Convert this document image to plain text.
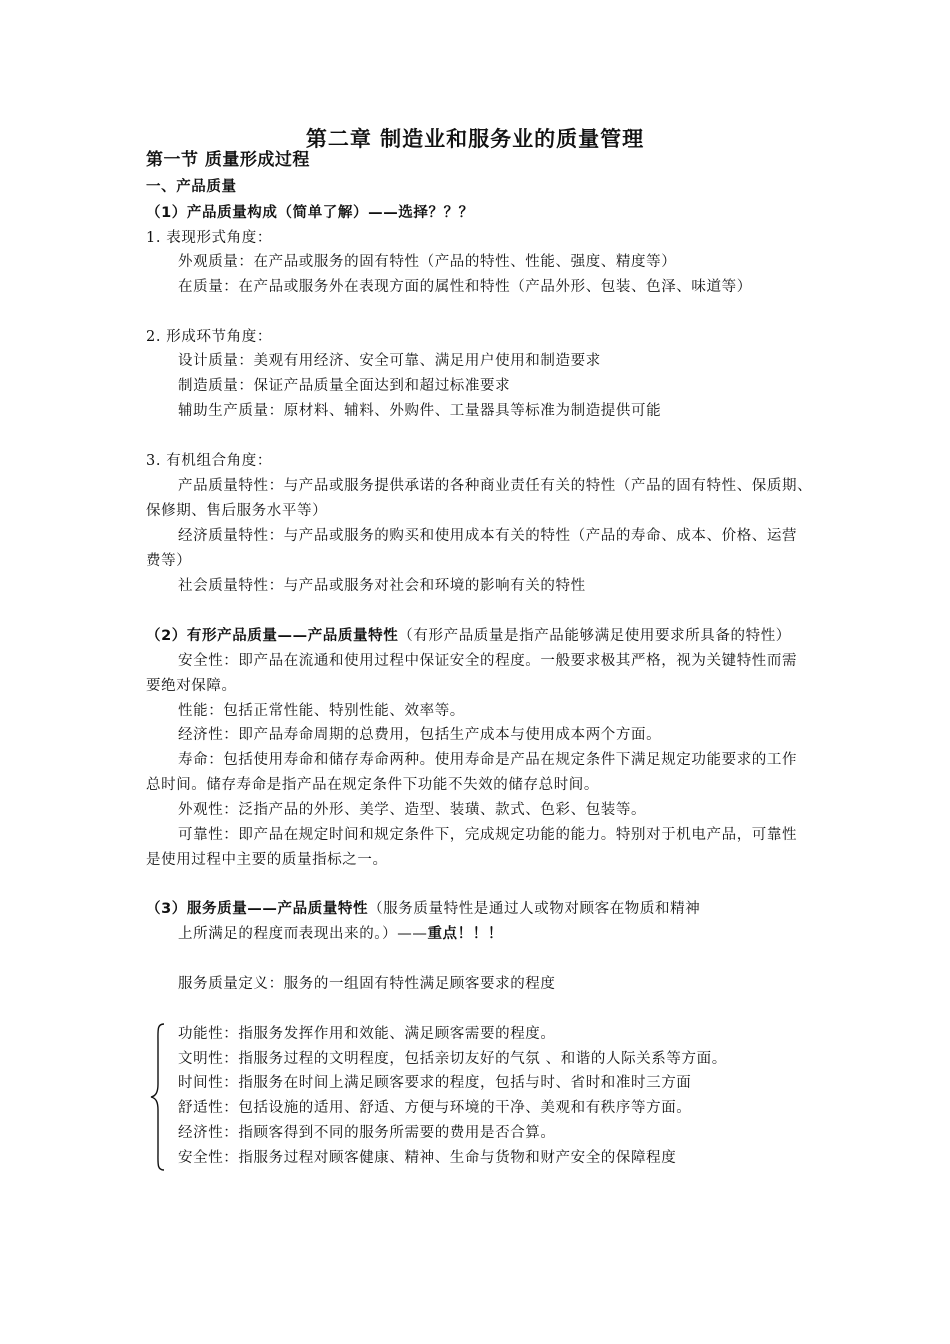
第二章 制造业和服务业的质量管理
第一节 质量形成过程
一、产品质量
（1）产品质量构成（简单了解）——选择？？？
1. 表现形式角度：
外观质量：在产品或服务的固有特性（产品的特性、性能、强度、精度等）
在质量：在产品或服务外在表现方面的属性和特性（产品外形、包装、色泽、味道等）
2. 形成环节角度：
设计质量：美观有用经济、安全可靠、满足用户使用和制造要求
制造质量：保证产品质量全面达到和超过标准要求
辅助生产质量：原材料、辅料、外购件、工量器具等标准为制造提供可能
3. 有机组合角度：
产品质量特性：与产品或服务提供承诺的各种商业责任有关的特性（产品的固有特性、保质期、
保修期、售后服务水平等）
经济质量特性：与产品或服务的购买和使用成本有关的特性（产品的寿命、成本、价格、运营
费等）
社会质量特性：与产品或服务对社会和环境的影响有关的特性
（2）有形产品质量——产品质量特性（有形产品质量是指产品能够满足使用要求所具备的特性）
安全性：即产品在流通和使用过程中保证安全的程度。一般要求极其严格，视为关键特性而需
要绝对保障。
性能：包括正常性能、特别性能、效率等。
经济性：即产品寿命周期的总费用，包括生产成本与使用成本两个方面。
寿命：包括使用寿命和储存寿命两种。使用寿命是产品在规定条件下满足规定功能要求的工作
总时间。储存寿命是指产品在规定条件下功能不失效的储存总时间。
外观性：泛指产品的外形、美学、造型、装璜、款式、色彩、包装等。
可靠性：即产品在规定时间和规定条件下，完成规定功能的能力。特别对于机电产品，可靠性
是使用过程中主要的质量指标之一。
（3）服务质量——产品质量特性（服务质量特性是通过人或物对顾客在物质和精神
上所满足的程度而表现出来的。）——重点！！！
服务质量定义：服务的一组固有特性满足顾客要求的程度
功能性：指服务发挥作用和效能、满足顾客需要的程度。
文明性：指服务过程的文明程度，包括亲切友好的气氛 、和谐的人际关系等方面。
时间性：指服务在时间上满足顾客要求的程度，包括与时、省时和准时三方面
舒适性：包括设施的适用、舒适、方便与环境的干净、美观和有秩序等方面。
经济性：指顾客得到不同的服务所需要的费用是否合算。
安全性：指服务过程对顾客健康、精神、生命与货物和财产安全的保障程度
